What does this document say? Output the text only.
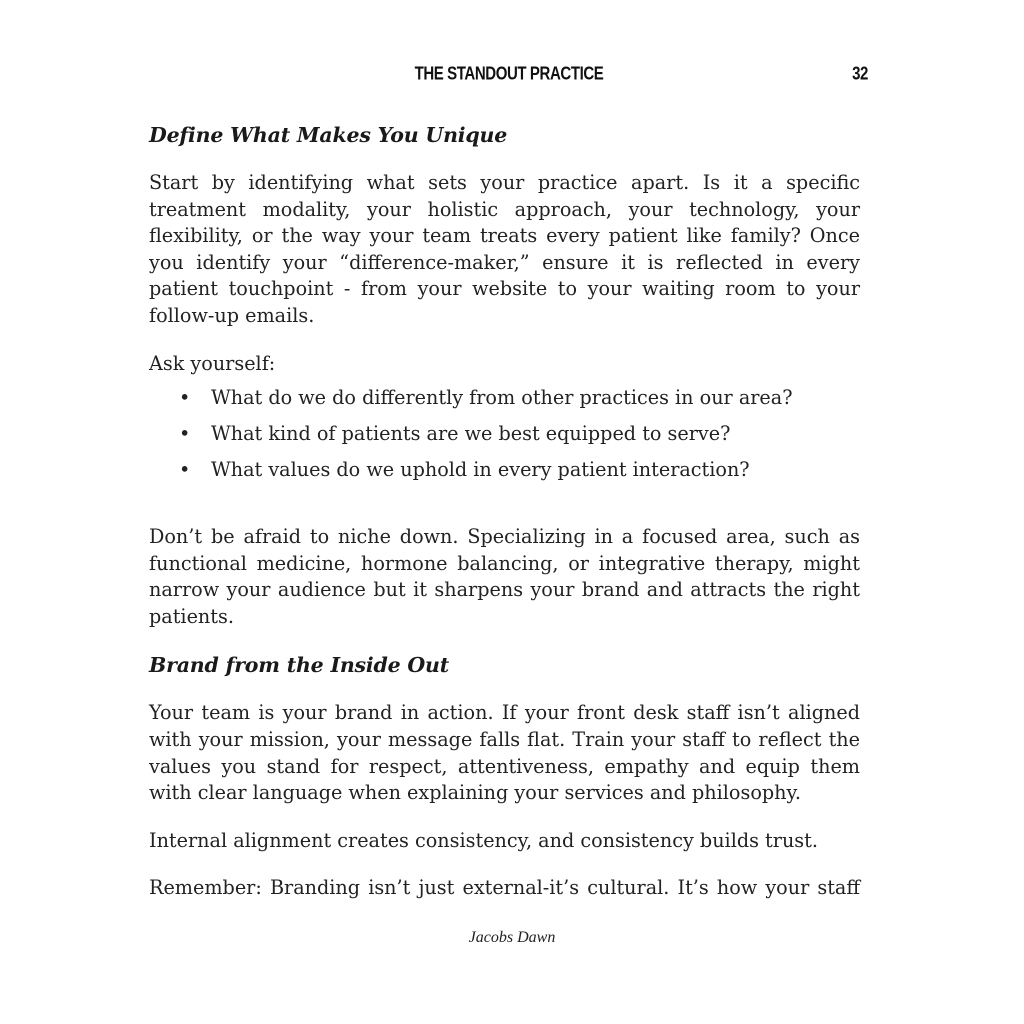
THE STANDOUT PRACTICE	32
Define What Makes You Unique

Start by identifying what sets your practice apart. Is it a specific treatment modality, your holistic approach, your technology, your flexibility, or the way your team treats every patient like family? Once you identify your “difference-maker,” ensure it is reflected in every patient touchpoint - from your website to your waiting room to your follow-up emails.

Ask yourself:

• What do we do differently from other practices in our area?
• What kind of patients are we best equipped to serve?
• What values do we uphold in every patient interaction?

Don’t be afraid to niche down. Specializing in a focused area, such as functional medicine, hormone balancing, or integrative therapy, might narrow your audience but it sharpens your brand and attracts the right patients.

Brand from the Inside Out

Your team is your brand in action. If your front desk staff isn’t aligned with your mission, your message falls flat. Train your staff to reflect the values you stand for respect, attentiveness, empathy and equip them with clear language when explaining your services and philosophy.

Internal alignment creates consistency, and consistency builds trust.

Remember: Branding isn’t just external-it’s cultural. It’s how your staff

Jacobs Dawn
